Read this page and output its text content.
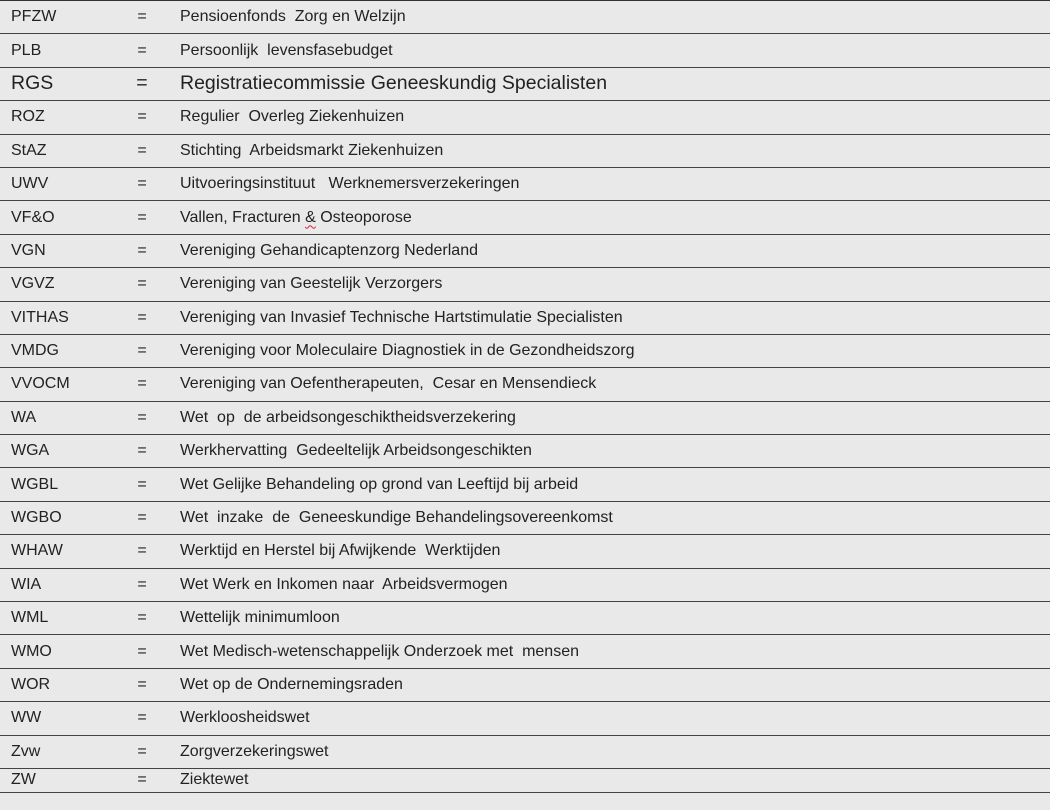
PFZW	=	Pensioenfonds  Zorg en Welzijn
PLB	=	Persoonlijk  levensfasebudget
RGS	=	Registratiecommissie Geneeskundig Specialisten
ROZ	=	Regulier  Overleg Ziekenhuizen
StAZ	=	Stichting  Arbeidsmarkt Ziekenhuizen
UWV	=	Uitvoeringsinstituut   Werknemersverzekeringen
VF&O	=	Vallen, Fracturen & Osteoporose
VGN	=	Vereniging Gehandicaptenzorg Nederland
VGVZ	=	Vereniging van Geestelijk Verzorgers
VITHAS	=	Vereniging van Invasief Technische Hartstimulatie Specialisten
VMDG	=	Vereniging voor Moleculaire Diagnostiek in de Gezondheidszorg
VVOCM	=	Vereniging van Oefentherapeuten,  Cesar en Mensendieck
WA	=	Wet  op  de arbeidsongeschiktheidsverzekering
WGA	=	Werkhervatting  Gedeeltelijk Arbeidsongeschikten
WGBL	=	Wet Gelijke Behandeling op grond van Leeftijd bij arbeid
WGBO	=	Wet  inzake  de  Geneeskundige Behandelingsovereenkomst
WHAW	=	Werktijd en Herstel bij Afwijkende  Werktijden
WIA	=	Wet Werk en Inkomen naar  Arbeidsvermogen
WML	=	Wettelijk minimumloon
WMO	=	Wet Medisch-wetenschappelijk Onderzoek met  mensen
WOR	=	Wet op de Ondernemingsraden
WW	=	Werkloosheidswet
Zvw	=	Zorgverzekeringswet
ZW	=	Ziektewet
